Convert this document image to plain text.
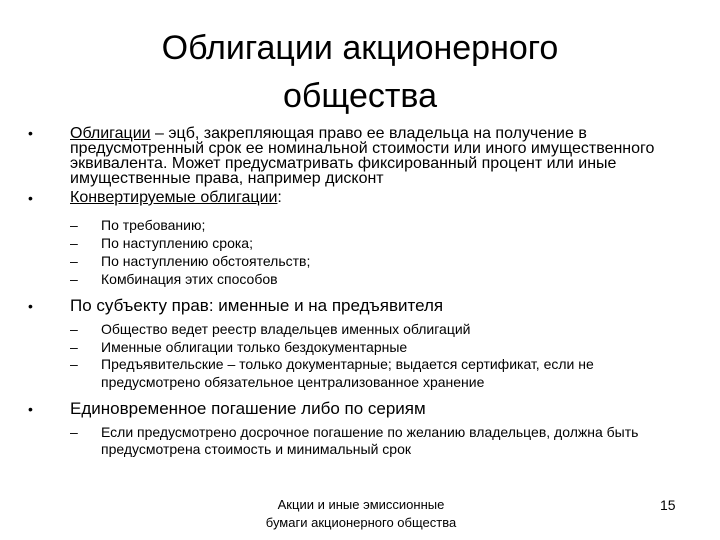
Облигации акционерного
общества
•	Облигации – эцб, закрепляющая право ее владельца на получение в предусмотренный срок ее номинальной стоимости или иного имущественного эквивалента. Может предусматривать фиксированный процент или иные имущественные права, например дисконт
•	Конвертируемые облигации:
–	По требованию;
–	По наступлению срока;
–	По наступлению обстоятельств;
–	Комбинация этих способов
•	По субъекту прав: именные и на предъявителя
–	Общество ведет реестр владельцев именных облигаций
–	Именные облигации только бездокументарные
–	Предъявительские – только документарные; выдается сертификат, если не предусмотрено обязательное централизованное хранение
•	Единовременное погашение либо по сериям
–	Если предусмотрено досрочное погашение по желанию владельцев, должна быть предусмотрена стоимость и минимальный срок
Акции и иные эмиссионные
бумаги акционерного общества
15
